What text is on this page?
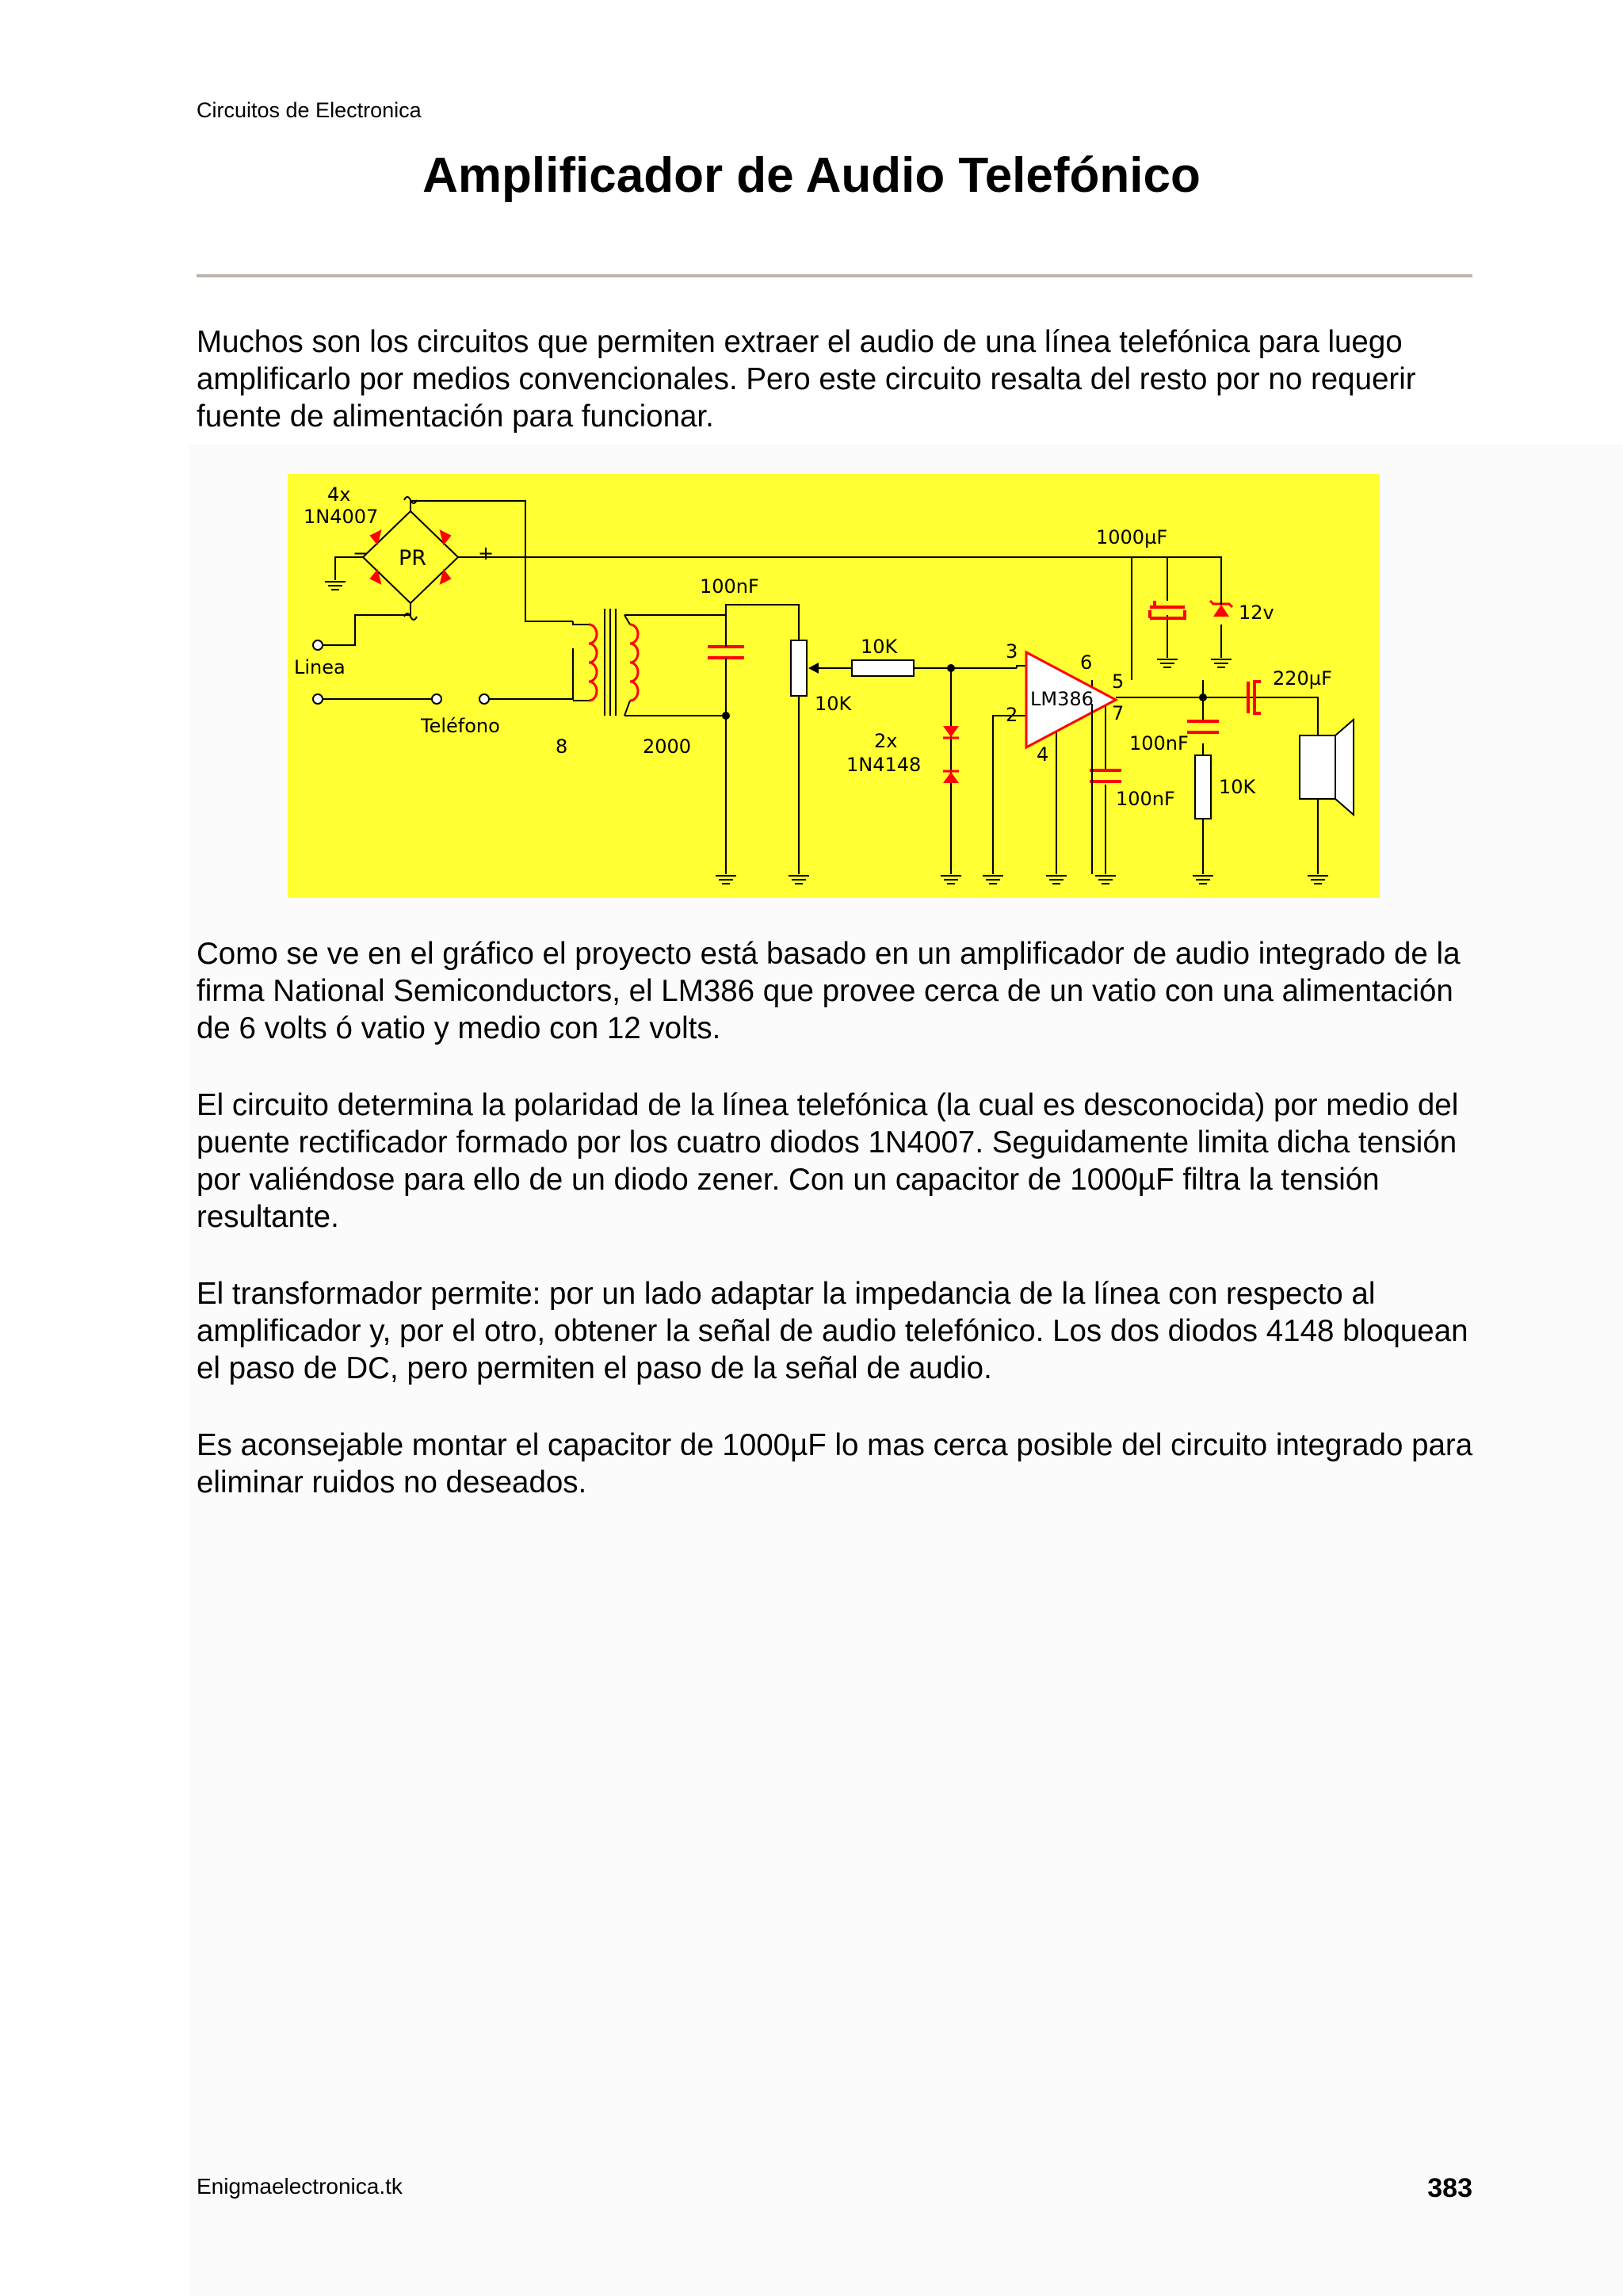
Circuitos de Electronica
Amplificador de Audio Telefónico

Muchos son los circuitos que permiten extraer el audio de una línea telefónica para luego amplificarlo por medios convencionales. Pero este circuito resalta del resto por no requerir fuente de alimentación para funcionar.

PR
LM386
4x
1N4007
−	+
Linea
Teléfono
8	2000
100nF
10K
10K
2x
1N4148
1000µF
12v
3
2
4
6
5
7
100nF
100nF
10K
220µF

Como se ve en el gráfico el proyecto está basado en un amplificador de audio integrado de la firma National Semiconductors, el LM386 que provee cerca de un vatio con una alimentación de 6 volts ó vatio y medio con 12 volts.

El circuito determina la polaridad de la línea telefónica (la cual es desconocida) por medio del puente rectificador formado por los cuatro diodos 1N4007. Seguidamente limita dicha tensión por valiéndose para ello de un diodo zener. Con un capacitor de 1000µF filtra la tensión resultante.

El transformador permite: por un lado adaptar la impedancia de la línea con respecto al amplificador y, por el otro, obtener la señal de audio telefónico. Los dos diodos 4148 bloquean el paso de DC, pero permiten el paso de la señal de audio.

Es aconsejable montar el capacitor de 1000µF lo mas cerca posible del circuito integrado para eliminar ruidos no deseados.

Enigmaelectronica.tk	383
